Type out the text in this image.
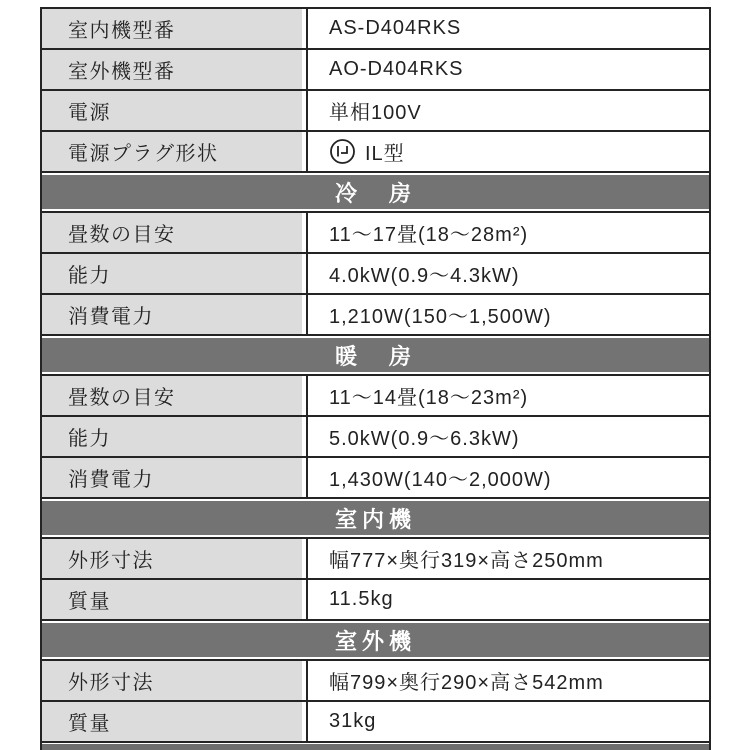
室内機型番	AS-D404RKS
室外機型番	AO-D404RKS
電源	単相100V
電源プラグ形状	IL型
冷　房
畳数の目安	11〜17畳(18〜28m²)
能力	4.0kW(0.9〜4.3kW)
消費電力	1,210W(150〜1,500W)
暖　房
畳数の目安	11〜14畳(18〜23m²)
能力	5.0kW(0.9〜6.3kW)
消費電力	1,430W(140〜2,000W)
室内機
外形寸法	幅777×奥行319×高さ250mm
質量	11.5kg
室外機
外形寸法	幅799×奥行290×高さ542mm
質量	31kg
